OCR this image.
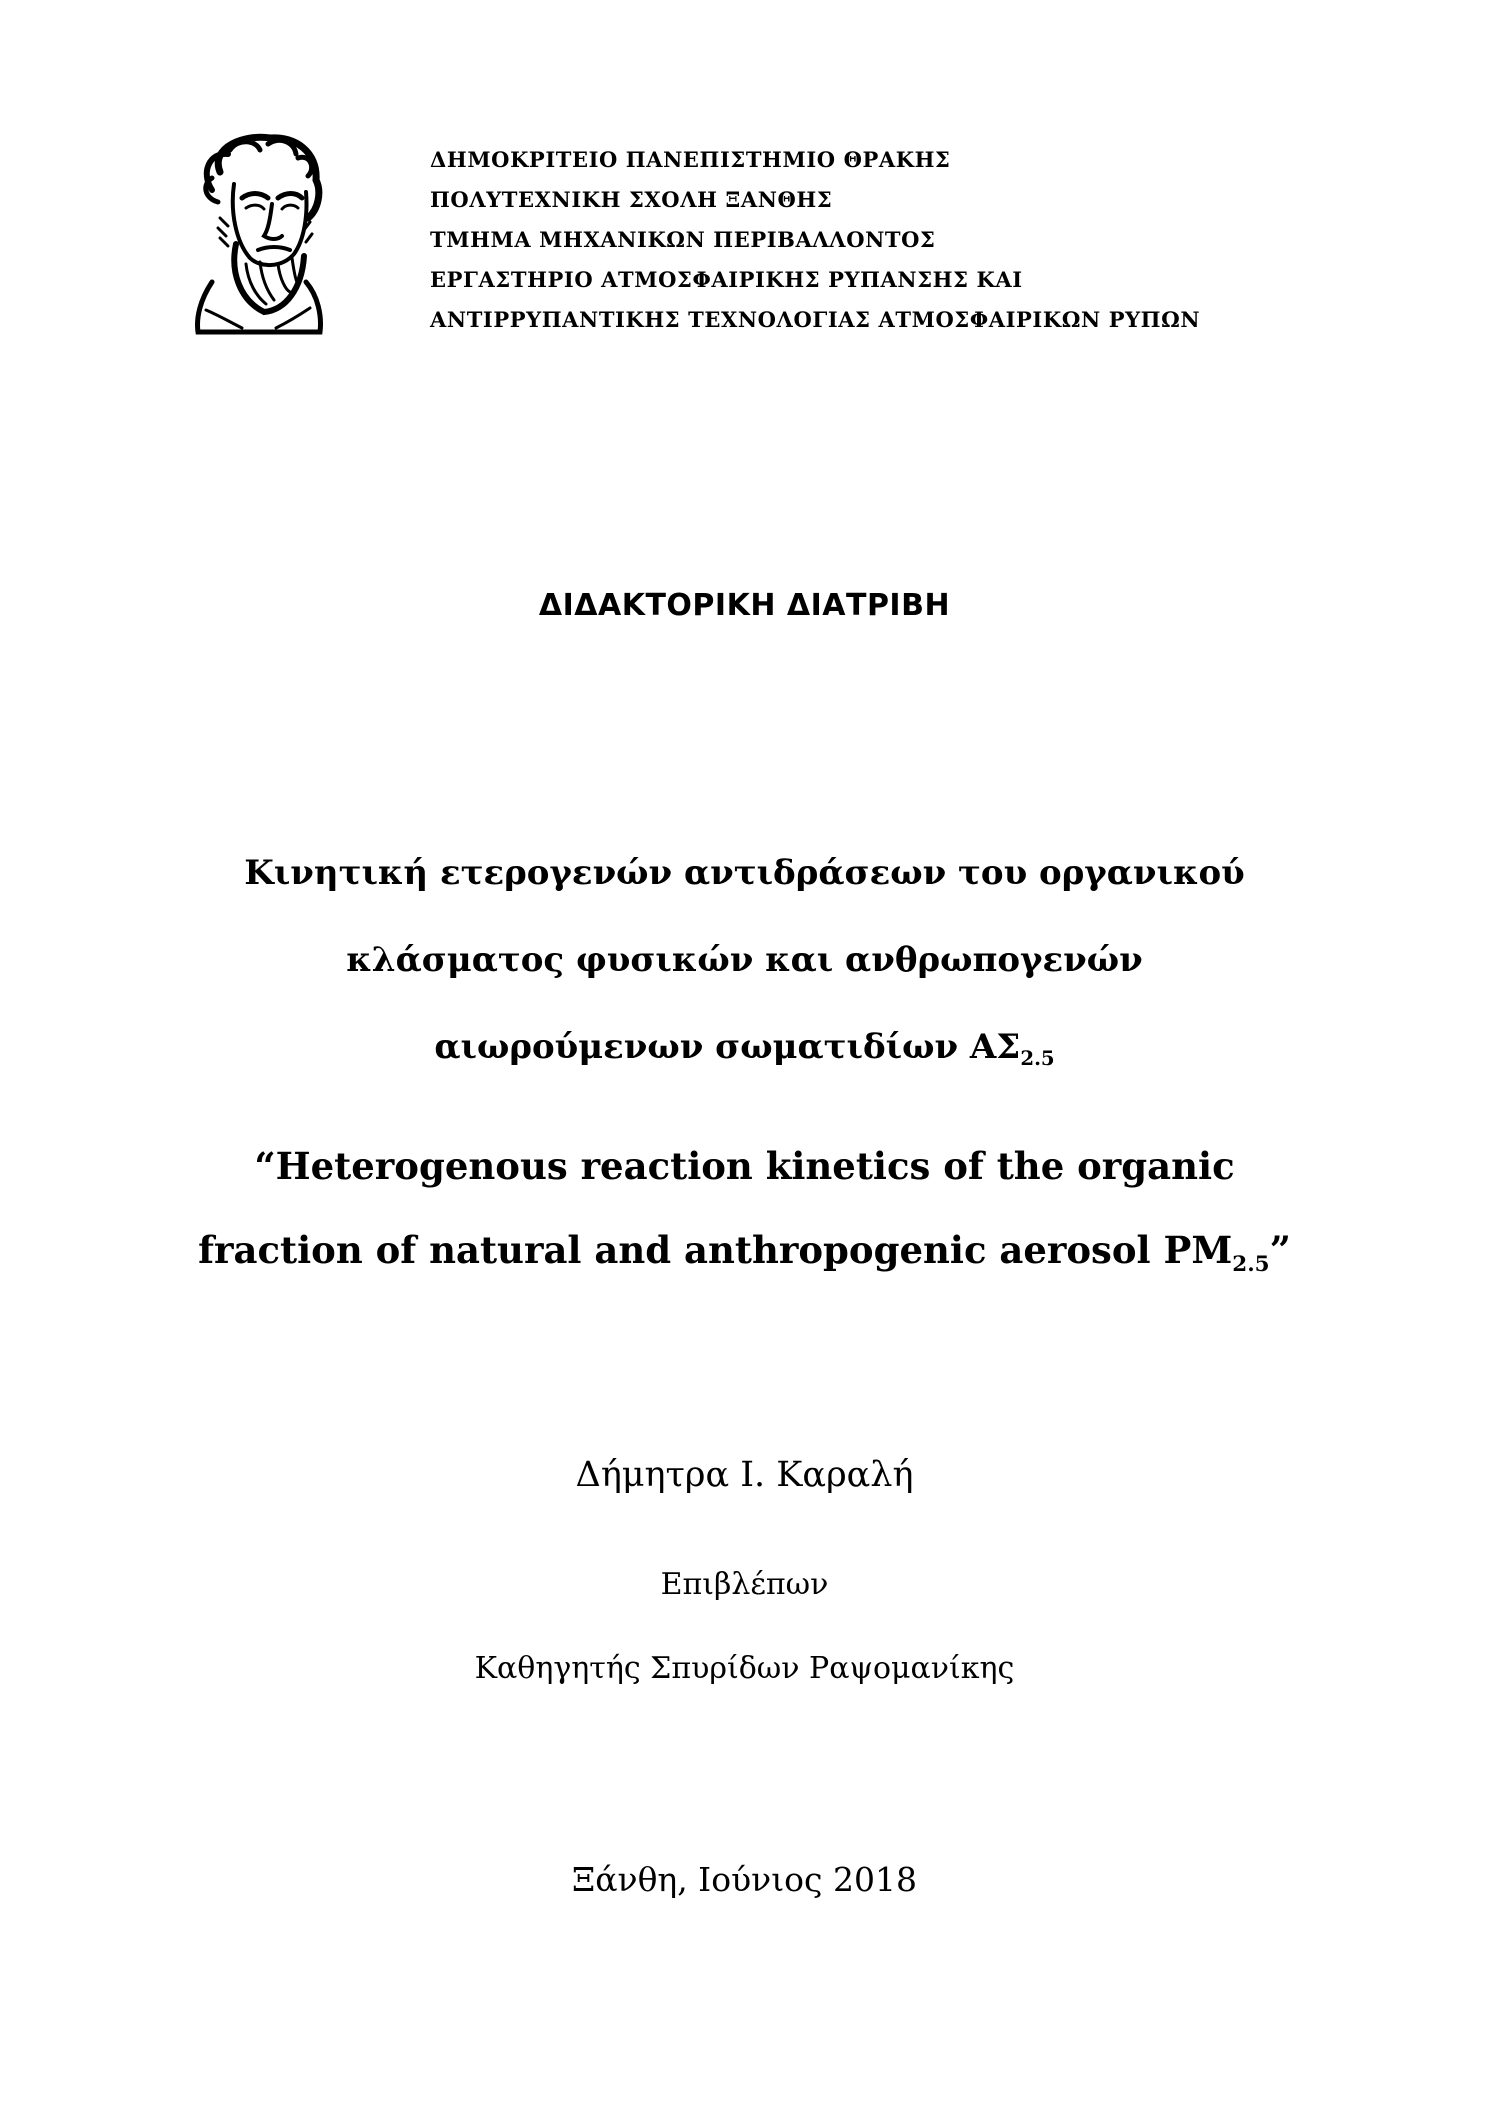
ΔΗΜΟΚΡΙΤΕΙΟ ΠΑΝΕΠΙΣΤΗΜΙΟ ΘΡΑΚΗΣ
ΠΟΛΥΤΕΧΝΙΚΗ ΣΧΟΛΗ ΞΑΝΘΗΣ
ΤΜΗΜΑ ΜΗΧΑΝΙΚΩΝ ΠΕΡΙΒΑΛΛΟΝΤΟΣ
ΕΡΓΑΣΤΗΡΙΟ ΑΤΜΟΣΦΑΙΡΙΚΗΣ ΡΥΠΑΝΣΗΣ ΚΑΙ
ΑΝΤΙΡΡΥΠΑΝΤΙΚΗΣ ΤΕΧΝΟΛΟΓΙΑΣ ΑΤΜΟΣΦΑΙΡΙΚΩΝ ΡΥΠΩΝ
ΔΙΔΑΚΤΟΡΙΚΗ ΔΙΑΤΡΙΒΗ
Κινητική ετερογενών αντιδράσεων του οργανικού
κλάσματος φυσικών και ανθρωπογενών
αιωρούμενων σωματιδίων $A\Sigma_{2.5}$
“Heterogenous reaction kinetics of the organic
fraction of natural and anthropogenic aerosol $PM_{2.5}$”
Δήμητρα Ι. Καραλή
Επιβλέπων
Καθηγητής Σπυρίδων Ραψομανίκης
Ξάνθη, Ιούνιος 2018
